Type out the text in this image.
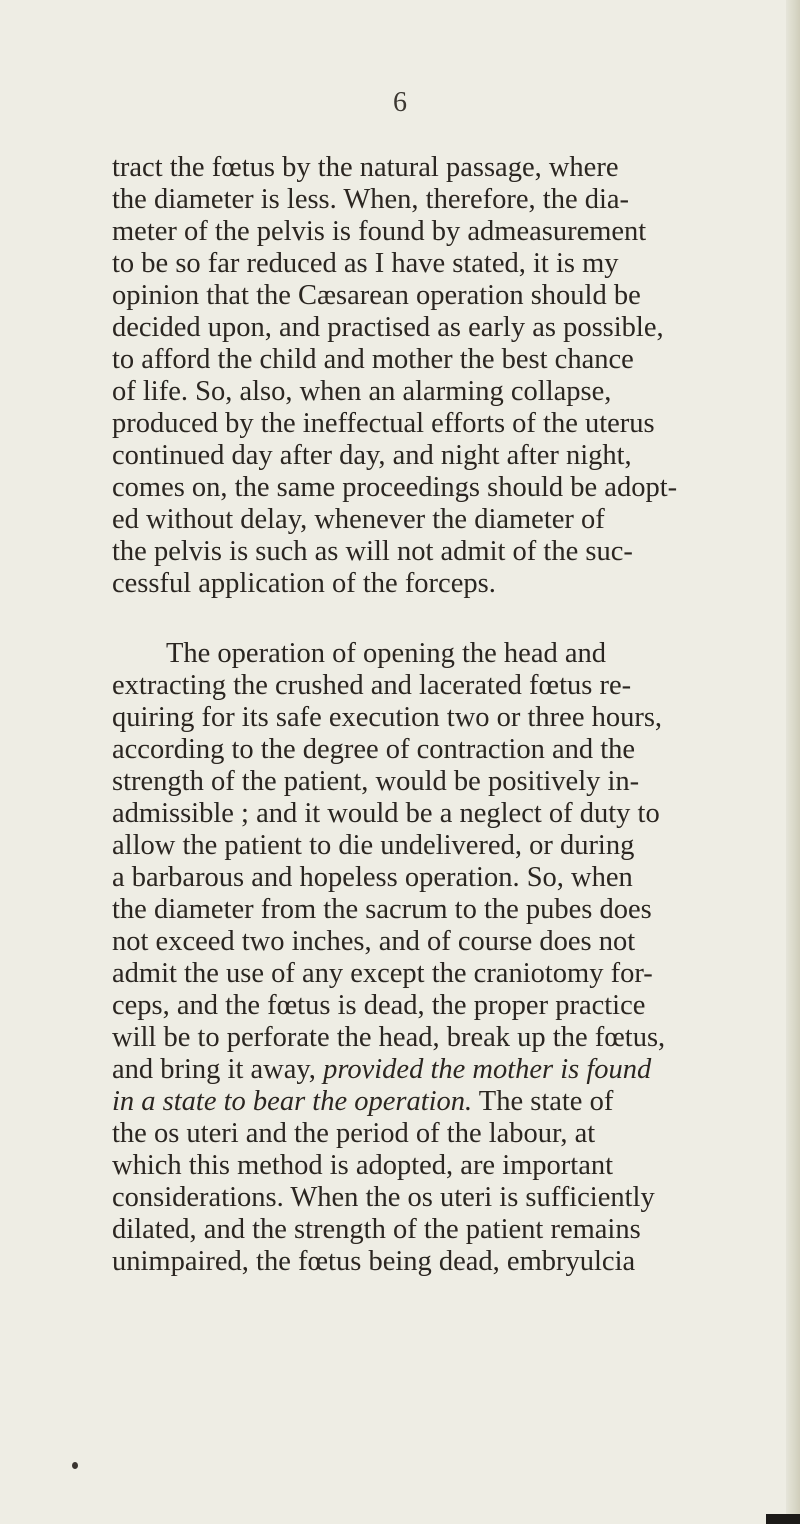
6
tract the fœtus by the natural passage, where
the diameter is less. When, therefore, the dia-
meter of the pelvis is found by admeasurement
to be so far reduced as I have stated, it is my
opinion that the Cæsarean operation should be
decided upon, and practised as early as possible,
to afford the child and mother the best chance
of life. So, also, when an alarming collapse,
produced by the ineffectual efforts of the uterus
continued day after day, and night after night,
comes on, the same proceedings should be adopt-
ed without delay, whenever the diameter of
the pelvis is such as will not admit of the suc-
cessful application of the forceps.
The operation of opening the head and
extracting the crushed and lacerated fœtus re-
quiring for its safe execution two or three hours,
according to the degree of contraction and the
strength of the patient, would be positively in-
admissible ; and it would be a neglect of duty to
allow the patient to die undelivered, or during
a barbarous and hopeless operation. So, when
the diameter from the sacrum to the pubes does
not exceed two inches, and of course does not
admit the use of any except the craniotomy for-
ceps, and the fœtus is dead, the proper practice
will be to perforate the head, break up the fœtus,
and bring it away, provided the mother is found
in a state to bear the operation. The state of
the os uteri and the period of the labour, at
which this method is adopted, are important
considerations. When the os uteri is sufficiently
dilated, and the strength of the patient remains
unimpaired, the fœtus being dead, embryulcia
